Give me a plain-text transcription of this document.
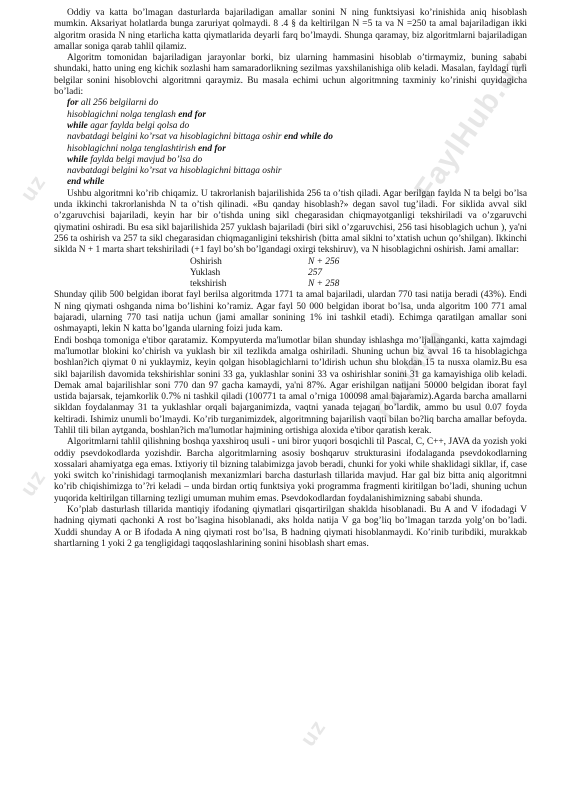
FaylHub.uz
uz
FaylHub
uz
uz

Oddiy va katta bo’lmagan dasturlarda bajariladigan amallar sonini N ning funktsiyasi ko’rinishida aniq hisoblash mumkin. Aksariyat holatlarda bunga zaruriyat qolmaydi. 8 .4 § da keltirilgan N =5 ta va N =250 ta amal bajariladigan ikki algoritm orasida N ning etarlicha katta qiymatlarida deyarli farq bo’lmaydi. Shunga qaramay, biz algoritmlarni bajariladigan amallar soniga qarab tahlil qilamiz.

Algoritm tomonidan bajariladigan jarayonlar borki, biz ularning hammasini hisoblab o’tirmaymiz, buning sababi shundaki, hatto uning eng kichik sozlashi ham samaradorlikning sezilmas yaxshilanishiga olib keladi. Masalan, fayldagi turli belgilar sonini hisoblovchi algoritmni qaraymiz. Bu masala echimi uchun algoritmning taxminiy ko’rinishi quyidagicha bo’ladi:

for all 256 belgilarni do
hisoblagichni nolga tenglash end for
while agar faylda belgi qolsa do
navbatdagi belgini ko’rsat va hisoblagichni bittaga oshir end while do
hisoblagichni nolga tenglashtirish end for
while faylda belgi mavjud bo’lsa do
navbatdagi belgini ko’rsat va hisoblagichni bittaga oshir
end while

Ushbu algoritmni ko’rib chiqamiz. U takrorlanish bajarilishida 256 ta o’tish qiladi. Agar berilgan faylda N ta belgi bo’lsa unda ikkinchi takrorlanishda N ta o’tish qilinadi. «Bu qanday hisoblash?» degan savol tug’iladi. For siklida avval sikl o’zgaruvchisi bajariladi, keyin har bir o’tishda uning sikl chegarasidan chiqmayotganligi tekshiriladi va o’zgaruvchi qiymatini oshiradi. Bu esa sikl bajarilishida 257 yuklash bajariladi (biri sikl o’zgaruvchisi, 256 tasi hisoblagich uchun ), ya'ni 256 ta oshirish va 257 ta sikl chegarasidan chiqmaganligini tekshirish (bitta amal siklni to’xtatish uchun qo’shilgan). Ikkinchi siklda N + 1 marta shart tekshiriladi (+1 fayl bo’sh bo’lgandagi oxirgi tekshiruv), va N hisoblagichni oshirish. Jami amallar:

Oshirish	N + 256
Yuklash	257
tekshirish	N + 258

Shunday qilib 500 belgidan iborat fayl berilsa algoritmda 1771 ta amal bajariladi, ulardan 770 tasi natija beradi (43%). Endi N ning qiymati oshganda nima bo’lishini ko’ramiz. Agar fayl 50 000 belgidan iborat bo’lsa, unda algoritm 100 771 amal bajaradi, ularning 770 tasi natija uchun (jami amallar sonining 1% ini tashkil etadi). Echimga qaratilgan amallar soni oshmayapti, lekin N katta bo’lganda ularning foizi juda kam.

Endi boshqa tomoniga e'tibor qaratamiz. Kompyuterda ma'lumotlar bilan shunday ishlashga mo’ljallanganki, katta xajmdagi ma'lumotlar blokini ko’chirish va yuklash bir xil tezlikda amalga oshiriladi. Shuning uchun biz avval 16 ta hisoblagichga boshlan?ich qiymat 0 ni yuklaymiz, keyin qolgan hisoblagichlarni to’ldirish uchun shu blokdan 15 ta nusxa olamiz.Bu esa sikl bajarilish davomida tekshirishlar sonini 33 ga, yuklashlar sonini 33 va oshirishlar sonini 31 ga kamayishiga olib keladi. Demak amal bajarilishlar soni 770 dan 97 gacha kamaydi, ya'ni 87%. Agar erishilgan natijani 50000 belgidan iborat fayl ustida bajarsak, tejamkorlik 0.7% ni tashkil qiladi (100771 ta amal o’rniga 100098 amal bajaramiz).Agarda barcha amallarni sikldan foydalanmay 31 ta yuklashlar orqali bajarganimizda, vaqtni yanada tejagan bo’lardik, ammo bu usul 0.07 foyda keltiradi. Ishimiz unumli bo’lmaydi. Ko’rib turganimizdek, algoritmning bajarilish vaqti bilan bo?liq barcha amallar befoyda. Tahlil tili bilan aytganda, boshlan?ich ma'lumotlar hajmining ortishiga aloxida e'tibor qaratish kerak.

Algoritmlarni tahlil qilishning boshqa yaxshiroq usuli - uni biror yuqori bosqichli til Pascal, C, C++, JAVA da yozish yoki oddiy psevdokodlarda yozishdir. Barcha algoritmlarning asosiy boshqaruv strukturasini ifodalaganda psevdokodlarning xossalari ahamiyatga ega emas. Ixtiyoriy til bizning talabimizga javob beradi, chunki for yoki while shaklidagi sikllar, if, case yoki switch ko’rinishidagi tarmoqlanish mexanizmlari barcha dasturlash tillarida mavjud. Har gal biz bitta aniq algoritmni ko’rib chiqishimizga to’?ri keladi – unda birdan ortiq funktsiya yoki programma fragmenti kiritilgan bo’ladi, shuning uchun yuqorida keltirilgan tillarning tezligi umuman muhim emas. Psevdokodlardan foydalanishimizning sababi shunda.

Ko’plab dasturlash tillarida mantiqiy ifodaning qiymatlari qisqartirilgan shaklda hisoblanadi. Bu A and V ifodadagi V hadning qiymati qachonki A rost bo’lsagina hisoblanadi, aks holda natija V ga bog’liq bo’lmagan tarzda yolg’on bo’ladi. Xuddi shunday A or B ifodada A ning qiymati rost bo’lsa, B hadning qiymati hisoblanmaydi. Ko’rinib turibdiki, murakkab shartlarning 1 yoki 2 ga tengligidagi taqqoslashlarining sonini hisoblash shart emas.
